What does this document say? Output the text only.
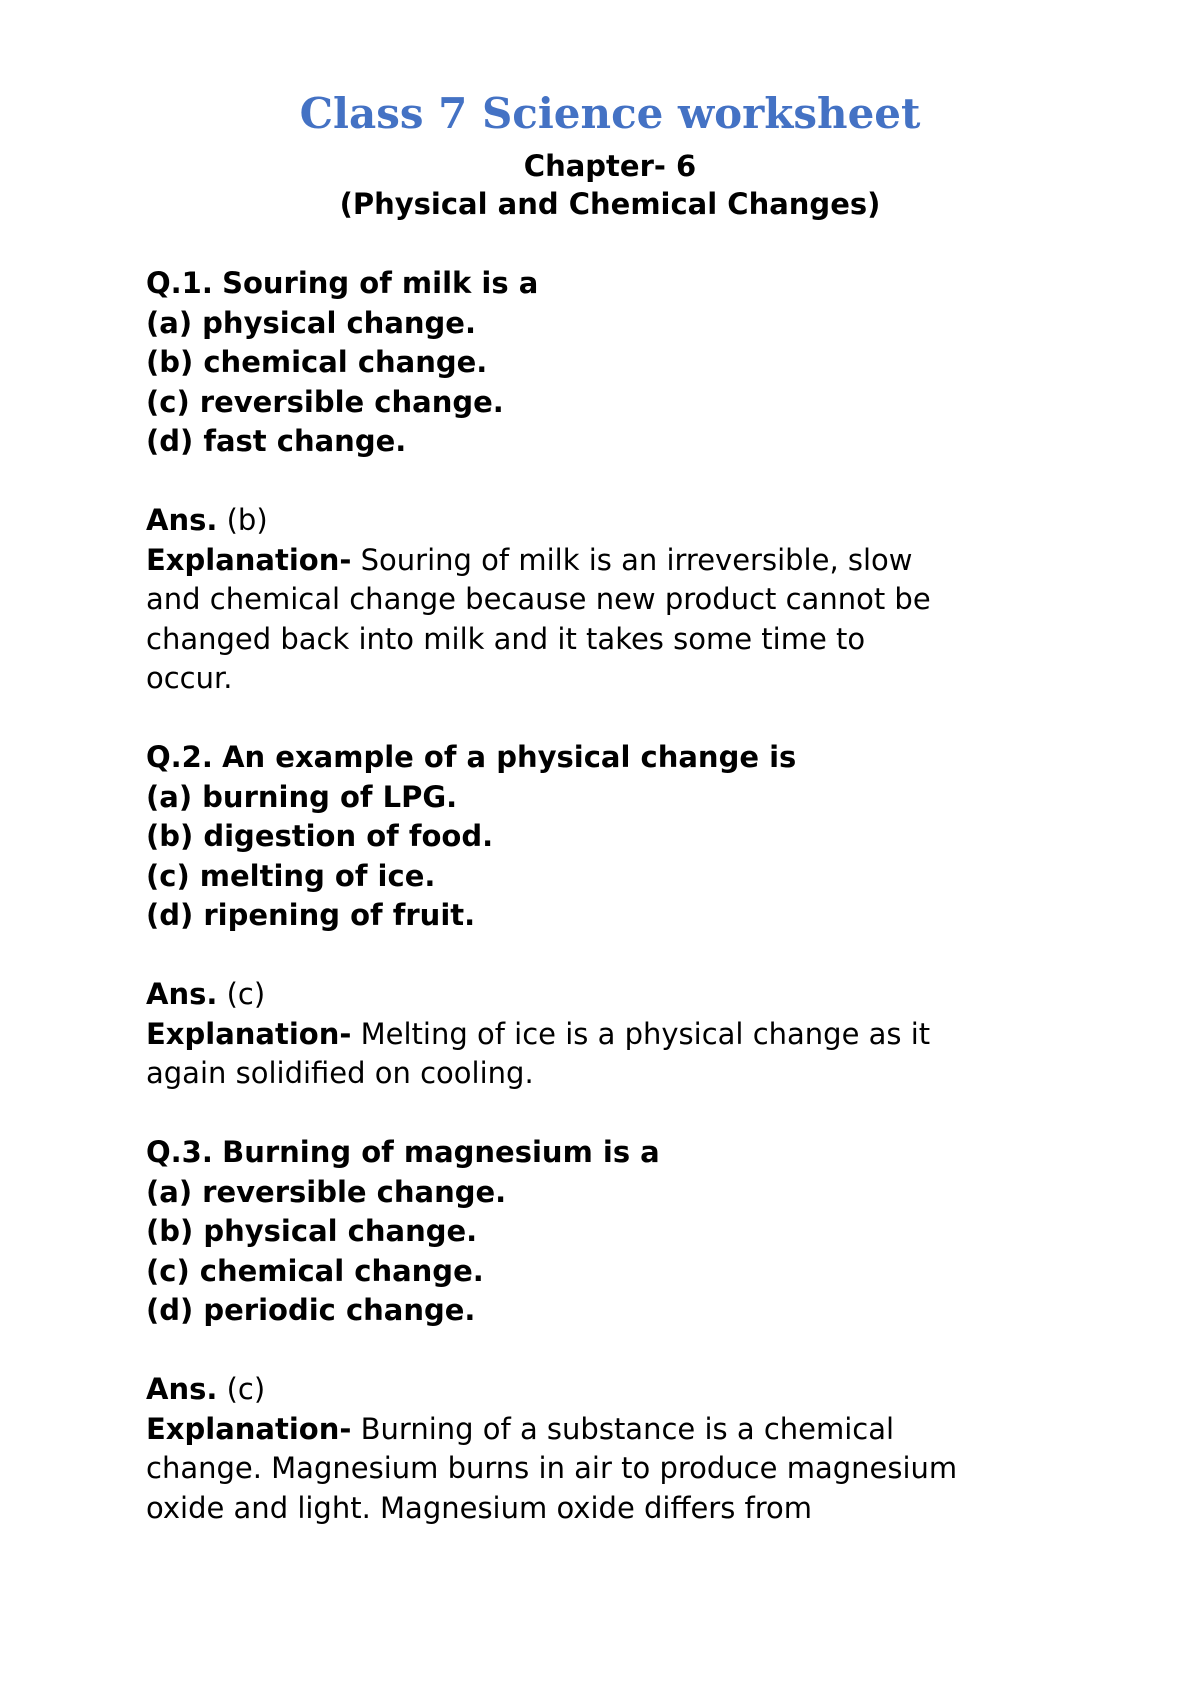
Class 7 Science worksheet

Chapter- 6

(Physical and Chemical Changes)

Q.1. Souring of milk is a

(a) physical change.

(b) chemical change.

(c) reversible change.

(d) fast change.

Ans. (b)

Explanation- Souring of milk is an irreversible, slow

and chemical change because new product cannot be

changed back into milk and it takes some time to

occur.

Q.2. An example of a physical change is

(a) burning of LPG.

(b) digestion of food.

(c) melting of ice.

(d) ripening of fruit.

Ans. (c)

Explanation- Melting of ice is a physical change as it

again solidified on cooling.

Q.3. Burning of magnesium is a

(a) reversible change.

(b) physical change.

(c) chemical change.

(d) periodic change.

Ans. (c)

Explanation- Burning of a substance is a chemical

change. Magnesium burns in air to produce magnesium

oxide and light. Magnesium oxide differs from
